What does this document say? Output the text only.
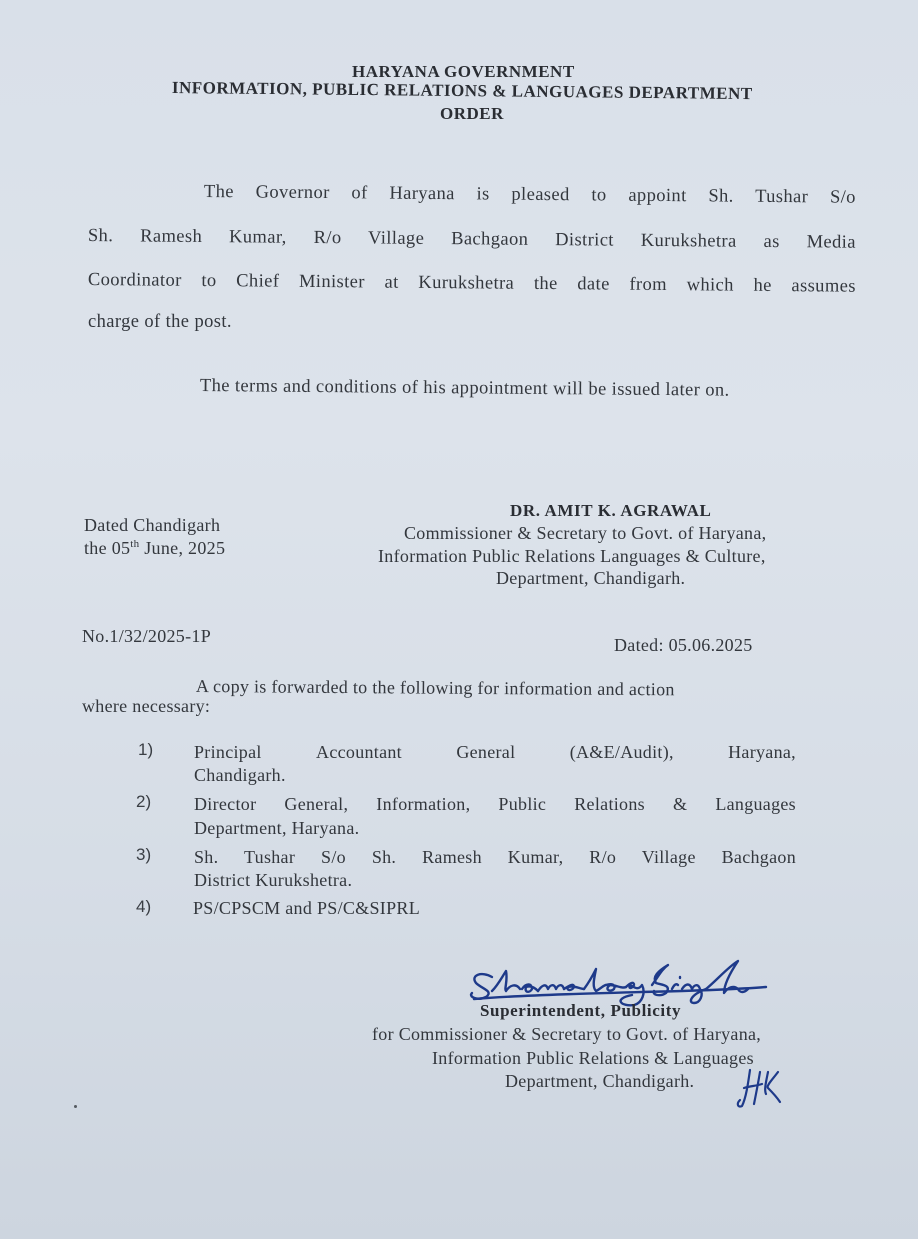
HARYANA GOVERNMENT
INFORMATION, PUBLIC RELATIONS & LANGUAGES DEPARTMENT
ORDER
The Governor of Haryana is pleased to appoint Sh. Tushar S/o
Sh. Ramesh Kumar, R/o Village Bachgaon District Kurukshetra as Media
Coordinator to Chief Minister at Kurukshetra the date from which he assumes
charge of the post.
The terms and conditions of his appointment will be issued later on.
Dated Chandigarh
the 05th June, 2025
DR. AMIT K. AGRAWAL
Commissioner & Secretary to Govt. of Haryana,
Information Public Relations Languages & Culture,
Department, Chandigarh.
No.1/32/2025-1P	Dated: 05.06.2025
A copy is forwarded to the following for information and action
where necessary:
1) Principal	Accountant	General	(A&E/Audit),	Haryana,
Chandigarh.
2) Director General, Information, Public Relations & Languages
Department, Haryana.
3) Sh. Tushar S/o Sh. Ramesh Kumar, R/o Village Bachgaon
District Kurukshetra.
4) PS/CPSCM and PS/C&SIPRL
Superintendent, Publicity
for Commissioner & Secretary to Govt. of Haryana,
Information Public Relations & Languages
Department, Chandigarh.
